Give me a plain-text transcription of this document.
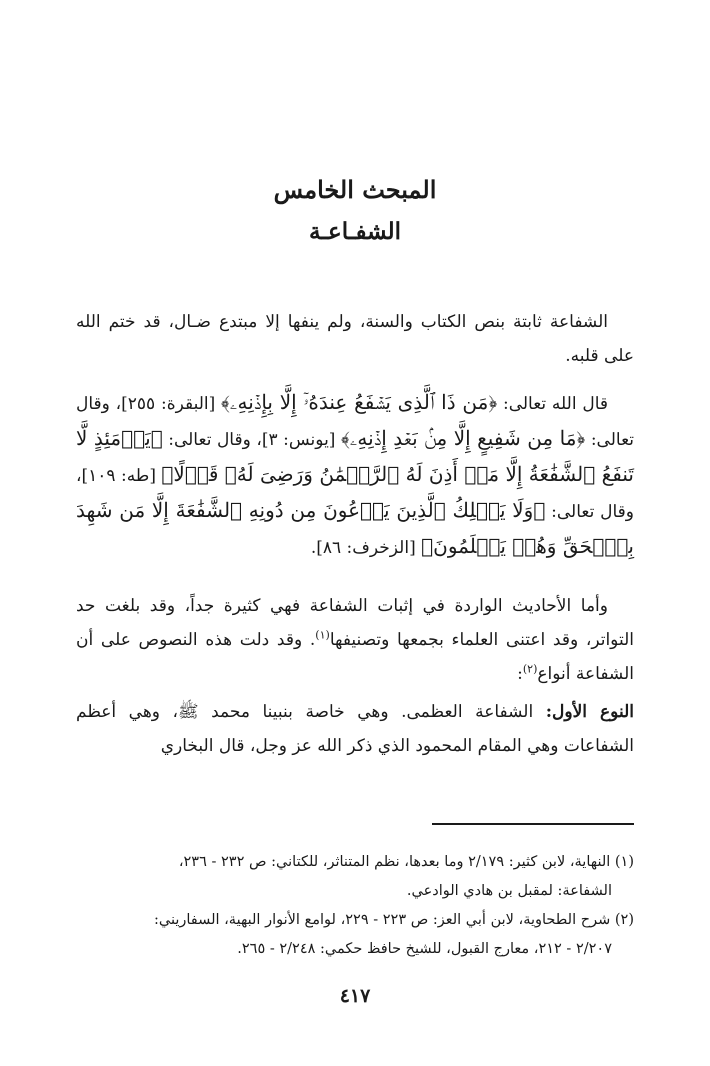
المبحث الخامس
الشفـاعـة

الشفاعة ثابتة بنص الكتاب والسنة، ولم ينفها إلا مبتدع ضـال، قد ختم الله على قلبه.

قال الله تعالى: ﴿مَن ذَا ٱلَّذِى يَشۡفَعُ عِندَهُۥٓ إِلَّا بِإِذۡنِهِۦ﴾ [البقرة: ٢٥٥]، وقال تعالى: ﴿مَا مِن شَفِيعٍ إِلَّا مِنۢ بَعۡدِ إِذۡنِهِۦ﴾ [يونس: ٣]، وقال تعالى: ﴿يَوۡمَئِذٍ لَّا تَنفَعُ ٱلشَّفَٰعَةُ إِلَّا مَنۡ أَذِنَ لَهُ ٱلرَّحۡمَٰنُ وَرَضِىَ لَهُۥ قَوۡلًا﴾ [طه: ١٠٩]، وقال تعالى: ﴿وَلَا يَمۡلِكُ ٱلَّذِينَ يَدۡعُونَ مِن دُونِهِ ٱلشَّفَٰعَةَ إِلَّا مَن شَهِدَ بِٱلۡحَقِّ وَهُمۡ يَعۡلَمُونَ﴾ [الزخرف: ٨٦].

وأما الأحاديث الواردة في إثبات الشفاعة فهي كثيرة جداً، وقد بلغت حد التواتر، وقد اعتنى العلماء بجمعها وتصنيفها$^{(١)}$. وقد دلت هذه النصوص على أن الشفاعة أنواع$^{(٢)}$:

النوع الأول: الشفاعة العظمى. وهي خاصة بنبينا محمد ﷺ، وهي أعظم الشفاعات وهي المقام المحمود الذي ذكر الله عز وجل، قال البخاري

(١) النهاية، لابن كثير: ٢/١٧٩ وما بعدها، نظم المتناثر، للكتاني: ص ٢٣٢ - ٢٣٦،

الشفاعة: لمقبل بن هادي الوادعي.

(٢) شرح الطحاوية، لابن أبي العز: ص ٢٢٣ - ٢٢٩، لوامع الأنوار البهية، السفاريني:

٢/٢٠٧ - ٢١٢، معارج القبول، للشيخ حافظ حكمي: ٢/٢٤٨ - ٢٦٥.

٤١٧
